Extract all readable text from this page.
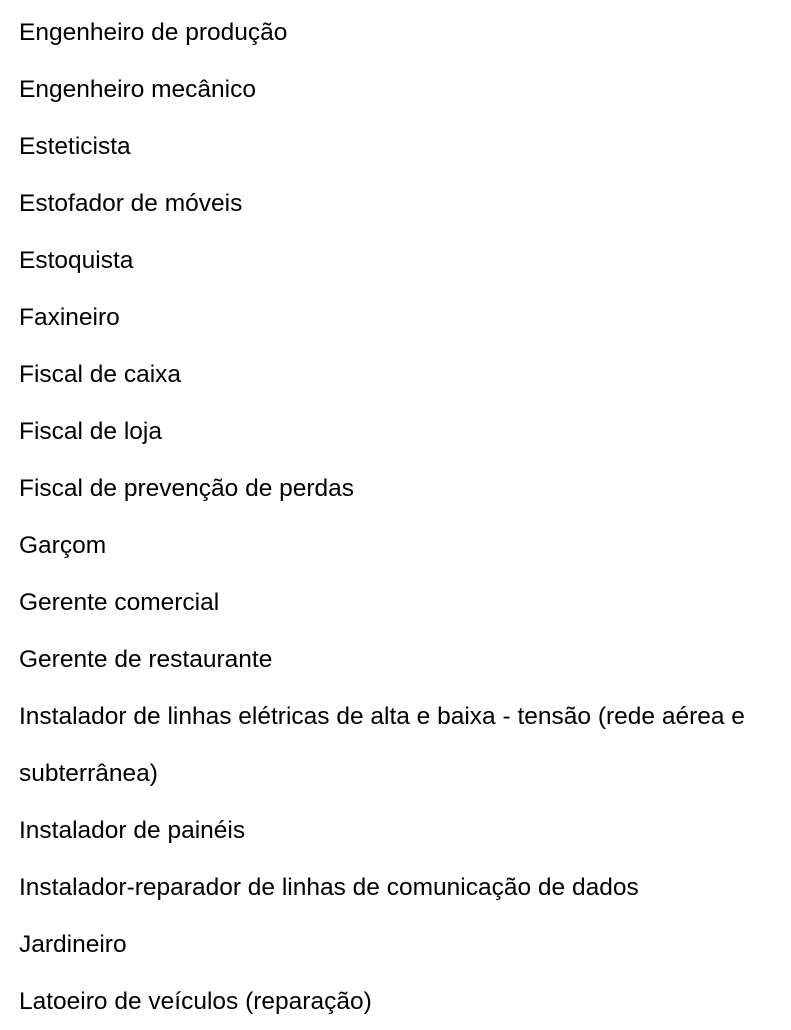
Engenheiro de produção
Engenheiro mecânico
Esteticista
Estofador de móveis
Estoquista
Faxineiro
Fiscal de caixa
Fiscal de loja
Fiscal de prevenção de perdas
Garçom
Gerente comercial
Gerente de restaurante
Instalador de linhas elétricas de alta e baixa - tensão (rede aérea e subterrânea)
Instalador de painéis
Instalador-reparador de linhas de comunicação de dados
Jardineiro
Latoeiro de veículos (reparação)
